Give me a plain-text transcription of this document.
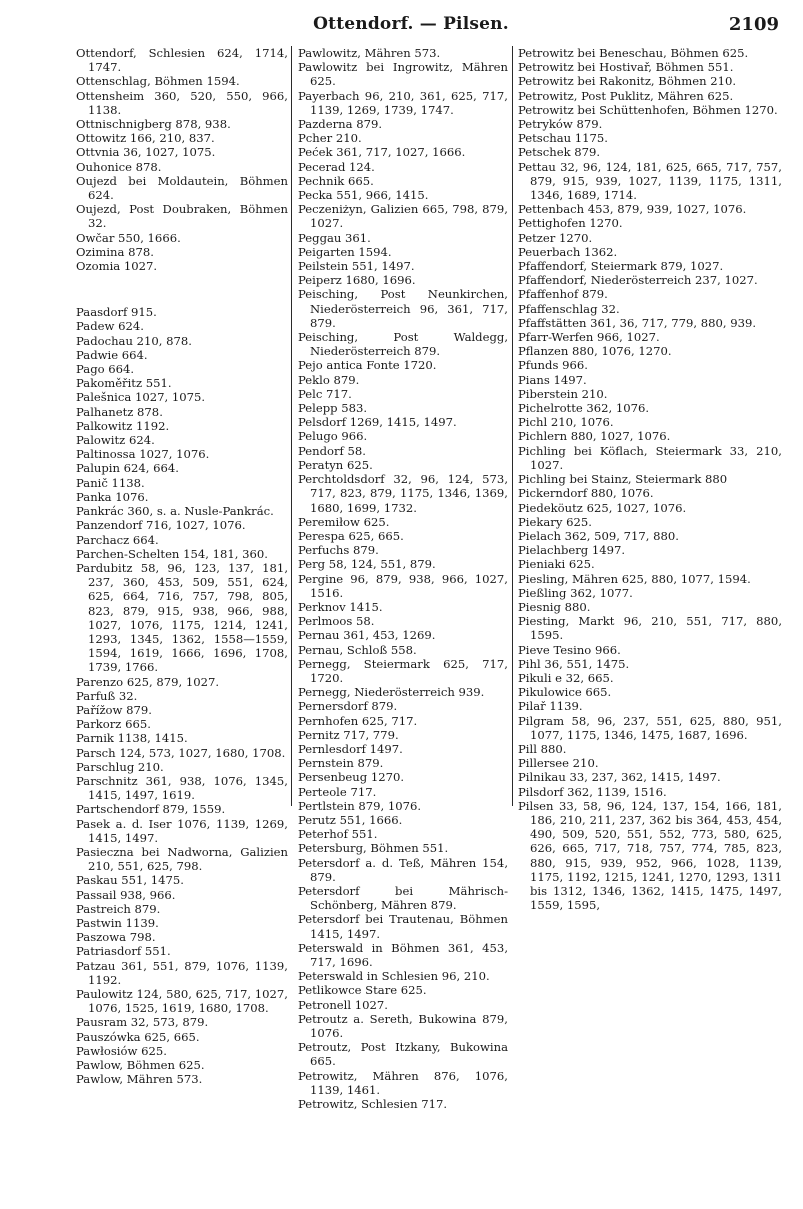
Ottendorf. — Pilsen.	2109
Ottendorf, Schlesien 624, 1714, 1747.
Ottenschlag, Böhmen 1594.
Ottensheim 360, 520, 550, 966, 1138.
Ottnischnigberg 878, 938.
Ottowitz 166, 210, 837.
Ottvnia 36, 1027, 1075.
Ouhonice 878.
Oujezd bei Moldautein, Böhmen 624.
Oujezd, Post Doubraken, Böhmen 32.
Owčar 550, 1666.
Ozimina 878.
Ozomia 1027.
Paasdorf 915.
Padew 624.
Padochau 210, 878.
Padwie 664.
Pago 664.
Pakoměřitz 551.
Palešnica 1027, 1075.
Palhanetz 878.
Palkowitz 1192.
Palowitz 624.
Paltinossa 1027, 1076.
Palupin 624, 664.
Panič 1138.
Panka 1076.
Pankrác 360, s. a. Nusle-Pankrác.
Panzendorf 716, 1027, 1076.
Parchacz 664.
Parchen-Schelten 154, 181, 360.
Pardubitz 58, 96, 123, 137, 181, 237, 360, 453, 509, 551, 624, 625, 664, 716, 757, 798, 805, 823, 879, 915, 938, 966, 988, 1027, 1076, 1175, 1214, 1241, 1293, 1345, 1362, 1558—1559, 1594, 1619, 1666, 1696, 1708, 1739, 1766.
Parenzo 625, 879, 1027.
Parfuß 32.
Pařížow 879.
Parkorz 665.
Parnik 1138, 1415.
Parsch 124, 573, 1027, 1680, 1708.
Parschlug 210.
Parschnitz 361, 938, 1076, 1345, 1415, 1497, 1619.
Partschendorf 879, 1559.
Pasek a. d. Iser 1076, 1139, 1269, 1415, 1497.
Pasieczna bei Nadworna, Galizien 210, 551, 625, 798.
Paskau 551, 1475.
Passail 938, 966.
Pastreich 879.
Pastwin 1139.
Paszowa 798.
Patriasdorf 551.
Patzau 361, 551, 879, 1076, 1139, 1192.
Paulowitz 124, 580, 625, 717, 1027, 1076, 1525, 1619, 1680, 1708.
Pausram 32, 573, 879.
Pauszówka 625, 665.
Pawłosiów 625.
Pawlow, Böhmen 625.
Pawlow, Mähren 573.
Pawlowitz, Mähren 573.
Pawlowitz bei Ingrowitz, Mähren 625.
Payerbach 96, 210, 361, 625, 717, 1139, 1269, 1739, 1747.
Pazderna 879.
Pcher 210.
Pećek 361, 717, 1027, 1666.
Pecerad 124.
Pechnik 665.
Pecka 551, 966, 1415.
Peczeniżyn, Galizien 665, 798, 879, 1027.
Peggau 361.
Peigarten 1594.
Peilstein 551, 1497.
Peiperz 1680, 1696.
Peisching, Post Neunkirchen, Niederösterreich 96, 361, 717, 879.
Peisching, Post Waldegg, Niederösterreich 879.
Pejo antica Fonte 1720.
Peklo 879.
Pelc 717.
Pelepp 583.
Pelsdorf 1269, 1415, 1497.
Pelugo 966.
Pendorf 58.
Peratyn 625.
Perchtoldsdorf 32, 96, 124, 573, 717, 823, 879, 1175, 1346, 1369, 1680, 1699, 1732.
Peremiłow 625.
Perespa 625, 665.
Perfuchs 879.
Perg 58, 124, 551, 879.
Pergine 96, 879, 938, 966, 1027, 1516.
Perknov 1415.
Perlmoos 58.
Pernau 361, 453, 1269.
Pernau, Schloß 558.
Pernegg, Steiermark 625, 717, 1720.
Pernegg, Niederösterreich 939.
Pernersdorf 879.
Pernhofen 625, 717.
Pernitz 717, 779.
Pernlesdorf 1497.
Pernstein 879.
Persenbeug 1270.
Perteole 717.
Pertlstein 879, 1076.
Perutz 551, 1666.
Peterhof 551.
Petersburg, Böhmen 551.
Petersdorf a. d. Teß, Mähren 154, 879.
Petersdorf bei Mährisch-Schönberg, Mähren 879.
Petersdorf bei Trautenau, Böhmen 1415, 1497.
Peterswald in Böhmen 361, 453, 717, 1696.
Peterswald in Schlesien 96, 210.
Petlikowce Stare 625.
Petronell 1027.
Petroutz a. Sereth, Bukowina 879, 1076.
Petroutz, Post Itzkany, Bukowina 665.
Petrowitz, Mähren 876, 1076, 1139, 1461.
Petrowitz, Schlesien 717.
Petrowitz bei Beneschau, Böhmen 625.
Petrowitz bei Hostivař, Böhmen 551.
Petrowitz bei Rakonitz, Böhmen 210.
Petrowitz, Post Puklitz, Mähren 625.
Petrowitz bei Schüttenhofen, Böhmen 1270.
Petryków 879.
Petschau 1175.
Petschek 879.
Pettau 32, 96, 124, 181, 625, 665, 717, 757, 879, 915, 939, 1027, 1139, 1175, 1311, 1346, 1689, 1714.
Pettenbach 453, 879, 939, 1027, 1076.
Pettighofen 1270.
Petzer 1270.
Peuerbach 1362.
Pfaffendorf, Steiermark 879, 1027.
Pfaffendorf, Niederösterreich 237, 1027.
Pfaffenhof 879.
Pfaffenschlag 32.
Pfaffstätten 361, 36, 717, 779, 880, 939.
Pfarr-Werfen 966, 1027.
Pflanzen 880, 1076, 1270.
Pfunds 966.
Pians 1497.
Piberstein 210.
Pichelrotte 362, 1076.
Pichl 210, 1076.
Pichlern 880, 1027, 1076.
Pichling bei Köflach, Steiermark 33, 210, 1027.
Pichling bei Stainz, Steiermark 880
Pickerndorf 880, 1076.
Piedeköutz 625, 1027, 1076.
Piekary 625.
Pielach 362, 509, 717, 880.
Pielachberg 1497.
Pieniaki 625.
Piesling, Mähren 625, 880, 1077, 1594.
Pießling 362, 1077.
Piesnig 880.
Piesting, Markt 96, 210, 551, 717, 880, 1595.
Pieve Tesino 966.
Pihl 36, 551, 1475.
Pikuli e 32, 665.
Pikulowice 665.
Pilař 1139.
Pilgram 58, 96, 237, 551, 625, 880, 951, 1077, 1175, 1346, 1475, 1687, 1696.
Pill 880.
Pillersee 210.
Pilnikau 33, 237, 362, 1415, 1497.
Pilsdorf 362, 1139, 1516.
Pilsen 33, 58, 96, 124, 137, 154, 166, 181, 186, 210, 211, 237, 362 bis 364, 453, 454, 490, 509, 520, 551, 552, 773, 580, 625, 626, 665, 717, 718, 757, 774, 785, 823, 880, 915, 939, 952, 966, 1028, 1139, 1175, 1192, 1215, 1241, 1270, 1293, 1311 bis 1312, 1346, 1362, 1415, 1475, 1497, 1559, 1595,
